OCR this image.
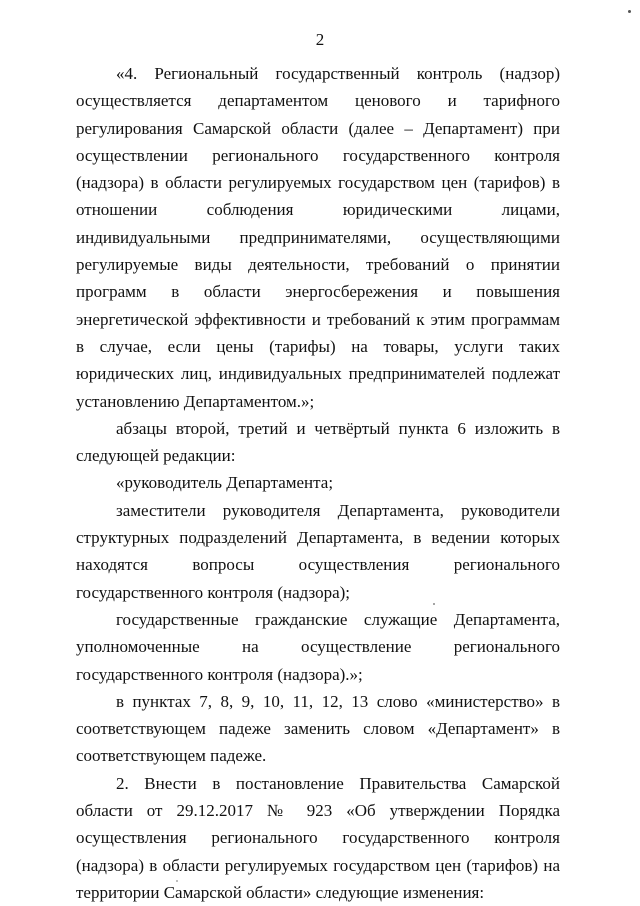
2

«4. Региональный государственный контроль (надзор) осуществляется департаментом ценового и тарифного регулирования Самарской области (далее – Департамент) при осуществлении регионального государственного контроля (надзора) в области регулируемых государством цен (тарифов) в отношении соблюдения юридическими лицами, индивидуальными предпринимателями, осуществляющими регулируемые виды деятельности, требований о принятии программ в области энергосбережения и повышения энергетической эффективности и требований к этим программам в случае, если цены (тарифы) на товары, услуги таких юридических лиц, индивидуальных предпринимателей подлежат установлению Департаментом.»;

абзацы второй, третий и четвёртый пункта 6 изложить в следующей редакции:

«руководитель Департамента;

заместители руководителя Департамента, руководители структурных подразделений Департамента, в ведении которых находятся вопросы осуществления регионального государственного контроля (надзора);

государственные гражданские служащие Департамента, уполномоченные на осуществление регионального государственного контроля (надзора).»;

в пунктах 7, 8, 9, 10, 11, 12, 13 слово «министерство» в соответствующем падеже заменить словом «Департамент» в соответствующем падеже.

2. Внести в постановление Правительства Самарской области от 29.12.2017 № 923 «Об утверждении Порядка осуществления регионального государственного контроля (надзора) в области регулируемых государством цен (тарифов) на территории Самарской области» следующие изменения:
